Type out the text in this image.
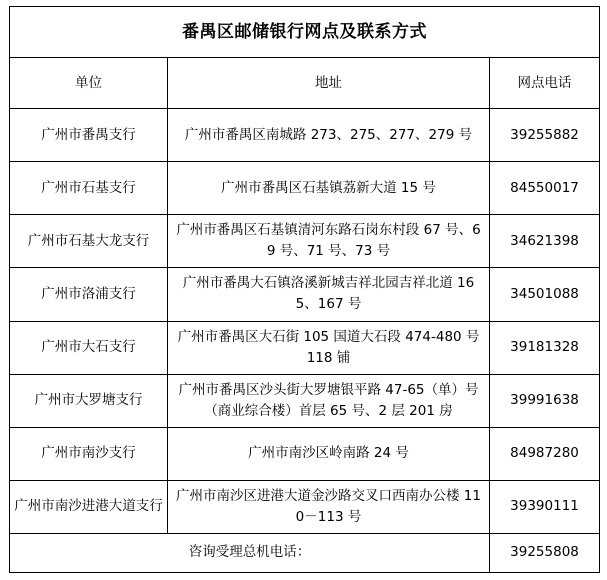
番禺区邮储银行网点及联系方式		
单位	地址	网点电话
广州市番禺支行	广州市番禺区南城路 273、275、277、279 号	39255882
广州市石基支行	广州市番禺区石基镇荔新大道 15 号	84550017
广州市石基大龙支行	广州市番禺区石基镇清河东路石岗东村段 67 号、69 号、71 号、73 号	34621398
广州市洛浦支行	广州市番禺大石镇洛溪新城吉祥北园吉祥北道 165、167 号	34501088
广州市大石支行	广州市番禺区大石街 105 国道大石段 474-480 号 118 铺	39181328
广州市大罗塘支行	广州市番禺区沙头街大罗塘银平路 47-65（单）号（商业综合楼）首层 65 号、2 层 201 房	39991638
广州市南沙支行	广州市南沙区岭南路 24 号	84987280
广州市南沙进港大道支行	广州市南沙区进港大道金沙路交叉口西南办公楼 110－113 号	39390111
咨询受理总机电话：		39255808
